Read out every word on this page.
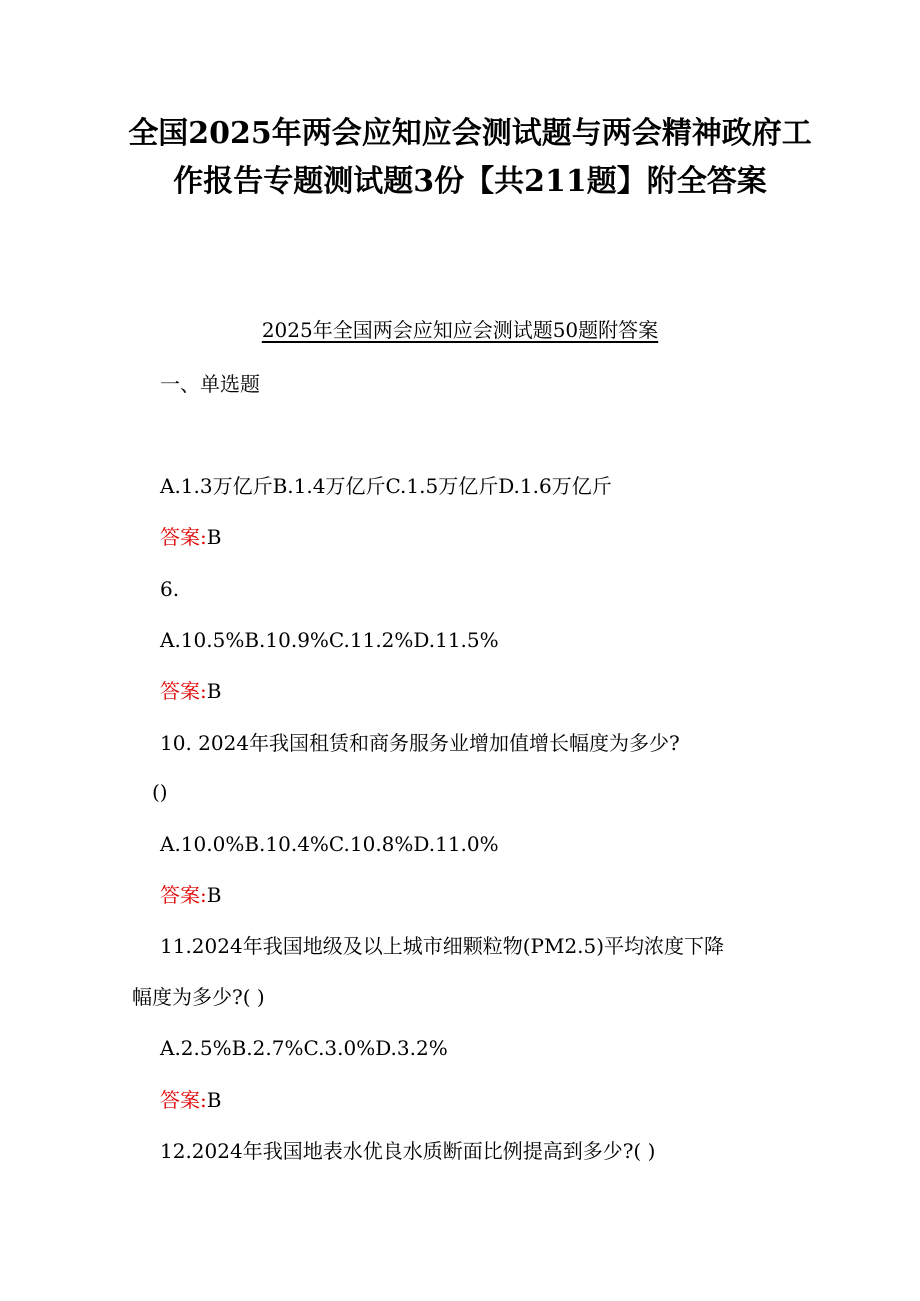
全国2025年两会应知应会测试题与两会精神政府工
作报告专题测试题3份【共211题】附全答案
2025年全国两会应知应会测试题50题附答案
一、单选题
A.1.3万亿斤B.1.4万亿斤C.1.5万亿斤D.1.6万亿斤
答案:B
6.
A.10.5%B.10.9%C.11.2%D.11.5%
答案:B
10. 2024年我国租赁和商务服务业增加值增长幅度为多少?
()
A.10.0%B.10.4%C.10.8%D.11.0%
答案:B
11.2024年我国地级及以上城市细颗粒物(PM2.5)平均浓度下降
幅度为多少?( )
A.2.5%B.2.7%C.3.0%D.3.2%
答案:B
12.2024年我国地表水优良水质断面比例提高到多少?( )
